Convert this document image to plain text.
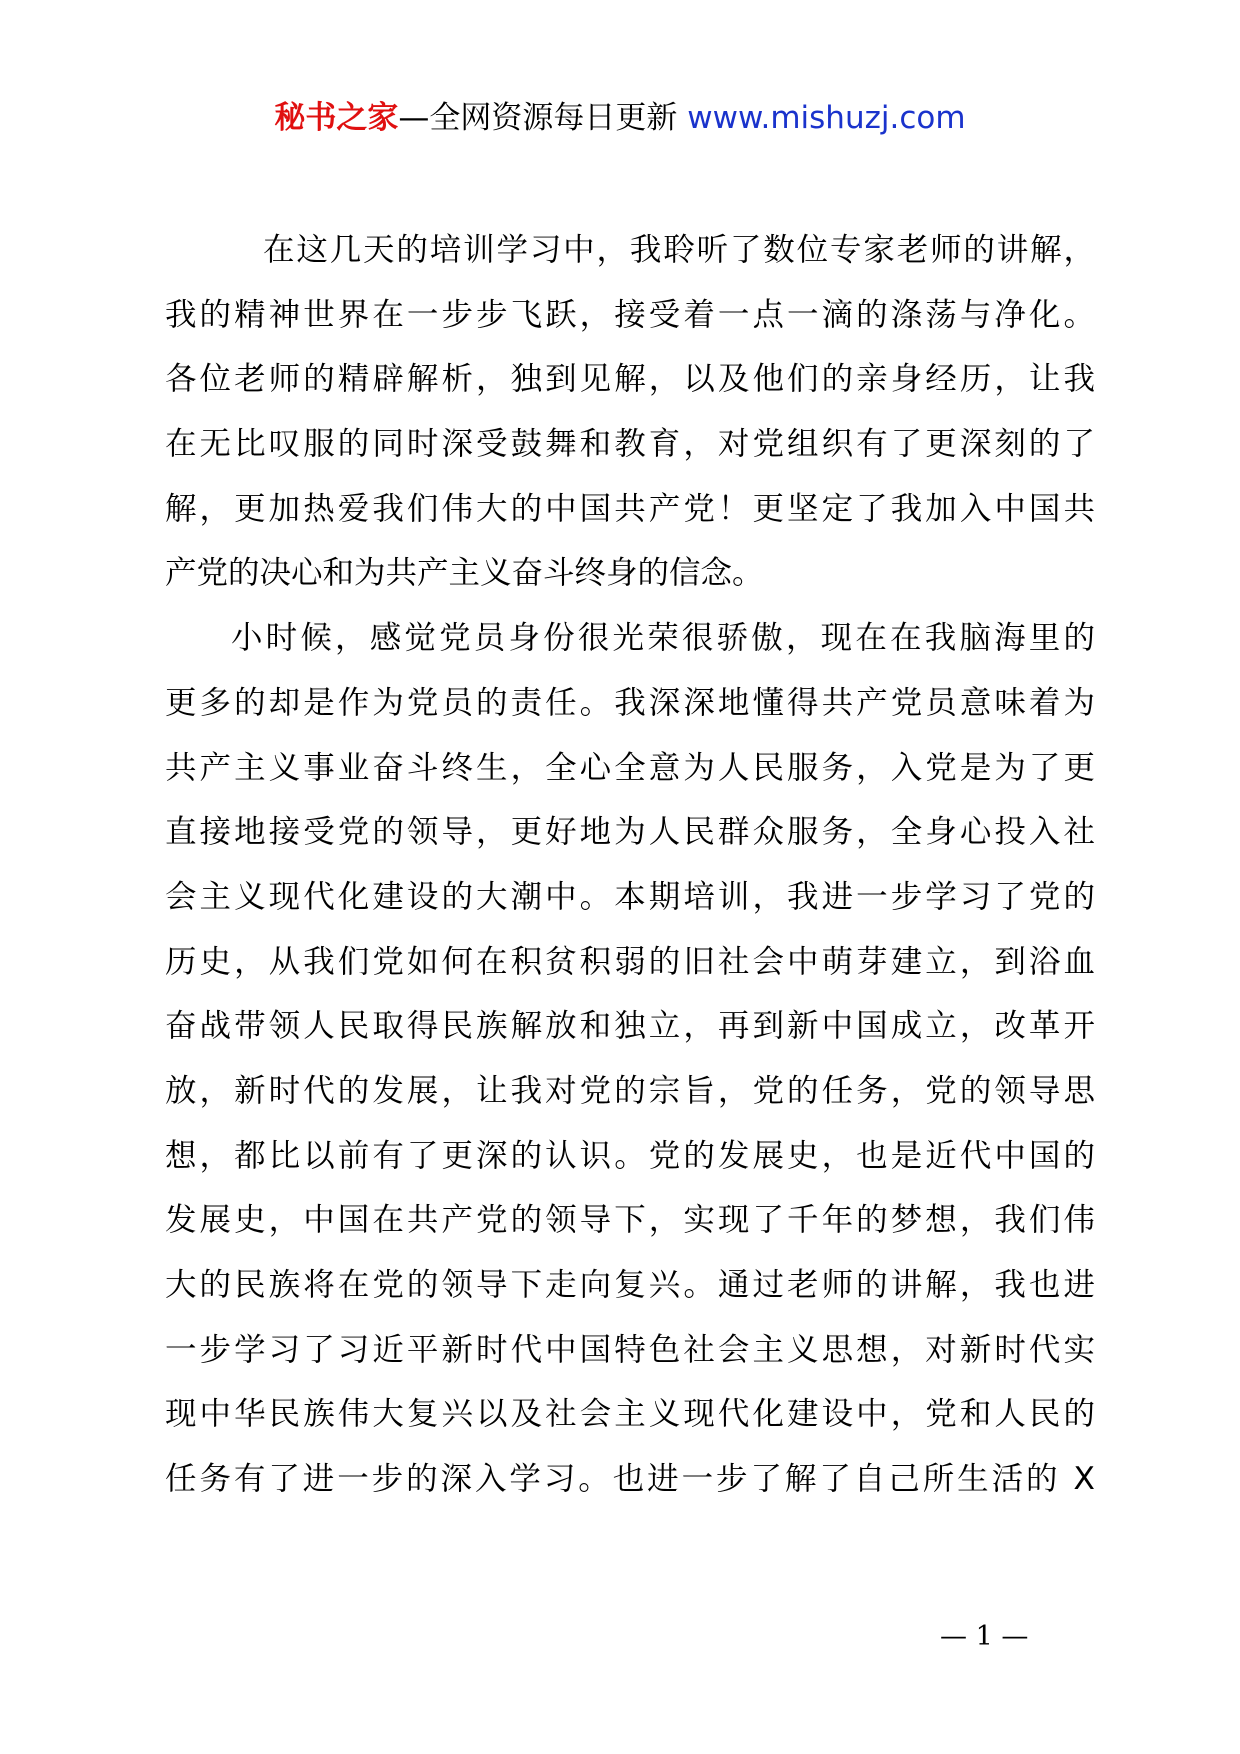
秘书之家—全网资源每日更新 www.mishuzj.com
在这几天的培训学习中，我聆听了数位专家老师的讲解，
我的精神世界在一步步飞跃，接受着一点一滴的涤荡与净化。
各位老师的精辟解析，独到见解，以及他们的亲身经历，让我
在无比叹服的同时深受鼓舞和教育，对党组织有了更深刻的了
解，更加热爱我们伟大的中国共产党！更坚定了我加入中国共
产党的决心和为共产主义奋斗终身的信念。
小时候，感觉党员身份很光荣很骄傲，现在在我脑海里的
更多的却是作为党员的责任。我深深地懂得共产党员意味着为
共产主义事业奋斗终生，全心全意为人民服务，入党是为了更
直接地接受党的领导，更好地为人民群众服务，全身心投入社
会主义现代化建设的大潮中。本期培训，我进一步学习了党的
历史，从我们党如何在积贫积弱的旧社会中萌芽建立，到浴血
奋战带领人民取得民族解放和独立，再到新中国成立，改革开
放，新时代的发展，让我对党的宗旨，党的任务，党的领导思
想，都比以前有了更深的认识。党的发展史，也是近代中国的
发展史，中国在共产党的领导下，实现了千年的梦想，我们伟
大的民族将在党的领导下走向复兴。通过老师的讲解，我也进
一步学习了习近平新时代中国特色社会主义思想，对新时代实
现中华民族伟大复兴以及社会主义现代化建设中，党和人民的
任务有了进一步的深入学习。也进一步了解了自己所生活的 X
— 1 —
